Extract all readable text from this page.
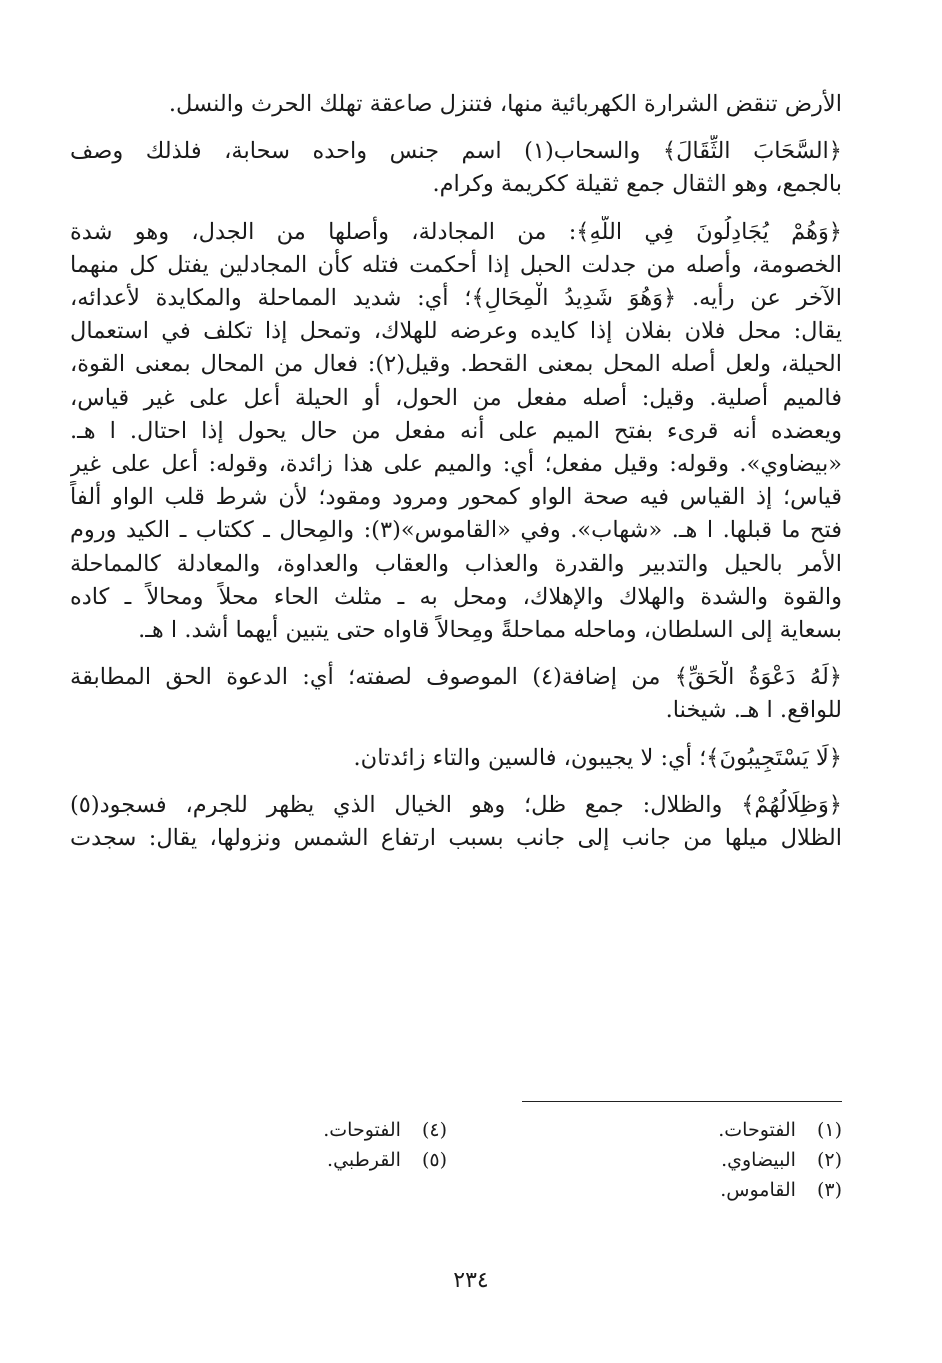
الأرض تنقض الشرارة الكهربائية منها، فتنزل صاعقة تهلك الحرث والنسل.
﴿السَّحَابَ الثِّقَالَ﴾ والسحاب(١) اسم جنس واحده سحابة، فلذلك وصف
بالجمع، وهو الثقال جمع ثقيلة ككريمة وكرام.
﴿وَهُمْ يُجَادِلُونَ فِي اللَّهِ﴾: من المجادلة، وأصلها من الجدل، وهو شدة
الخصومة، وأصله من جدلت الحبل إذا أحكمت فتله كأن المجادلين يفتل كل منهما
الآخر عن رأيه. ﴿وَهُوَ شَدِيدُ الْمِحَالِ﴾؛ أي: شديد المماحلة والمكايدة لأعدائه،
يقال: محل فلان بفلان إذا كايده وعرضه للهلاك، وتمحل إذا تكلف في استعمال
الحيلة، ولعل أصله المحل بمعنى القحط. وقيل(٢): فعال من المحال بمعنى القوة،
فالميم أصلية. وقيل: أصله مفعل من الحول، أو الحيلة أُعل على غير قياس،
ويعضده أنه قرىء بفتح الميم على أنه مفعل من حال يحول إذا احتال. ا هـ.
«بيضاوي». وقوله: وقيل مفعل؛ أي: والميم على هذا زائدة، وقوله: أعل على غير
قياس؛ إذ القياس فيه صحة الواو كمحور ومرود ومقود؛ لأن شرط قلب الواو ألفاً
فتح ما قبلها. ا هـ. «شهاب». وفي «القاموس»(٣): والمِحال ـ ككتاب ـ الكيد وروم
الأمر بالحيل والتدبير والقدرة والعذاب والعقاب والعداوة، والمعادلة كالمماحلة
والقوة والشدة والهلاك والإهلاك، ومحل به ـ مثلث الحاء محلاً ومحالاً ـ كاده
بسعاية إلى السلطان، وماحله مماحلةً ومِحالاً قاواه حتى يتبين أيهما أشد. ا هـ.
﴿لَهُ دَعْوَةُ الْحَقِّ﴾ من إضافة(٤) الموصوف لصفته؛ أي: الدعوة الحق المطابقة
للواقع. ا هـ. شيخنا.
﴿لَا يَسْتَجِيبُونَ﴾؛ أي: لا يجيبون، فالسين والتاء زائدتان.
﴿وَظِلَالُهُمْ﴾ والظلال: جمع ظل؛ وهو الخيال الذي يظهر للجرم، فسجود(٥)
الظلال ميلها من جانب إلى جانب بسبب ارتفاع الشمس ونزولها، يقال: سجدت
(١) الفتوحات.
(٢) البيضاوي.
(٣) القاموس.
(٤) الفتوحات.
(٥) القرطبي.
٢٣٤
